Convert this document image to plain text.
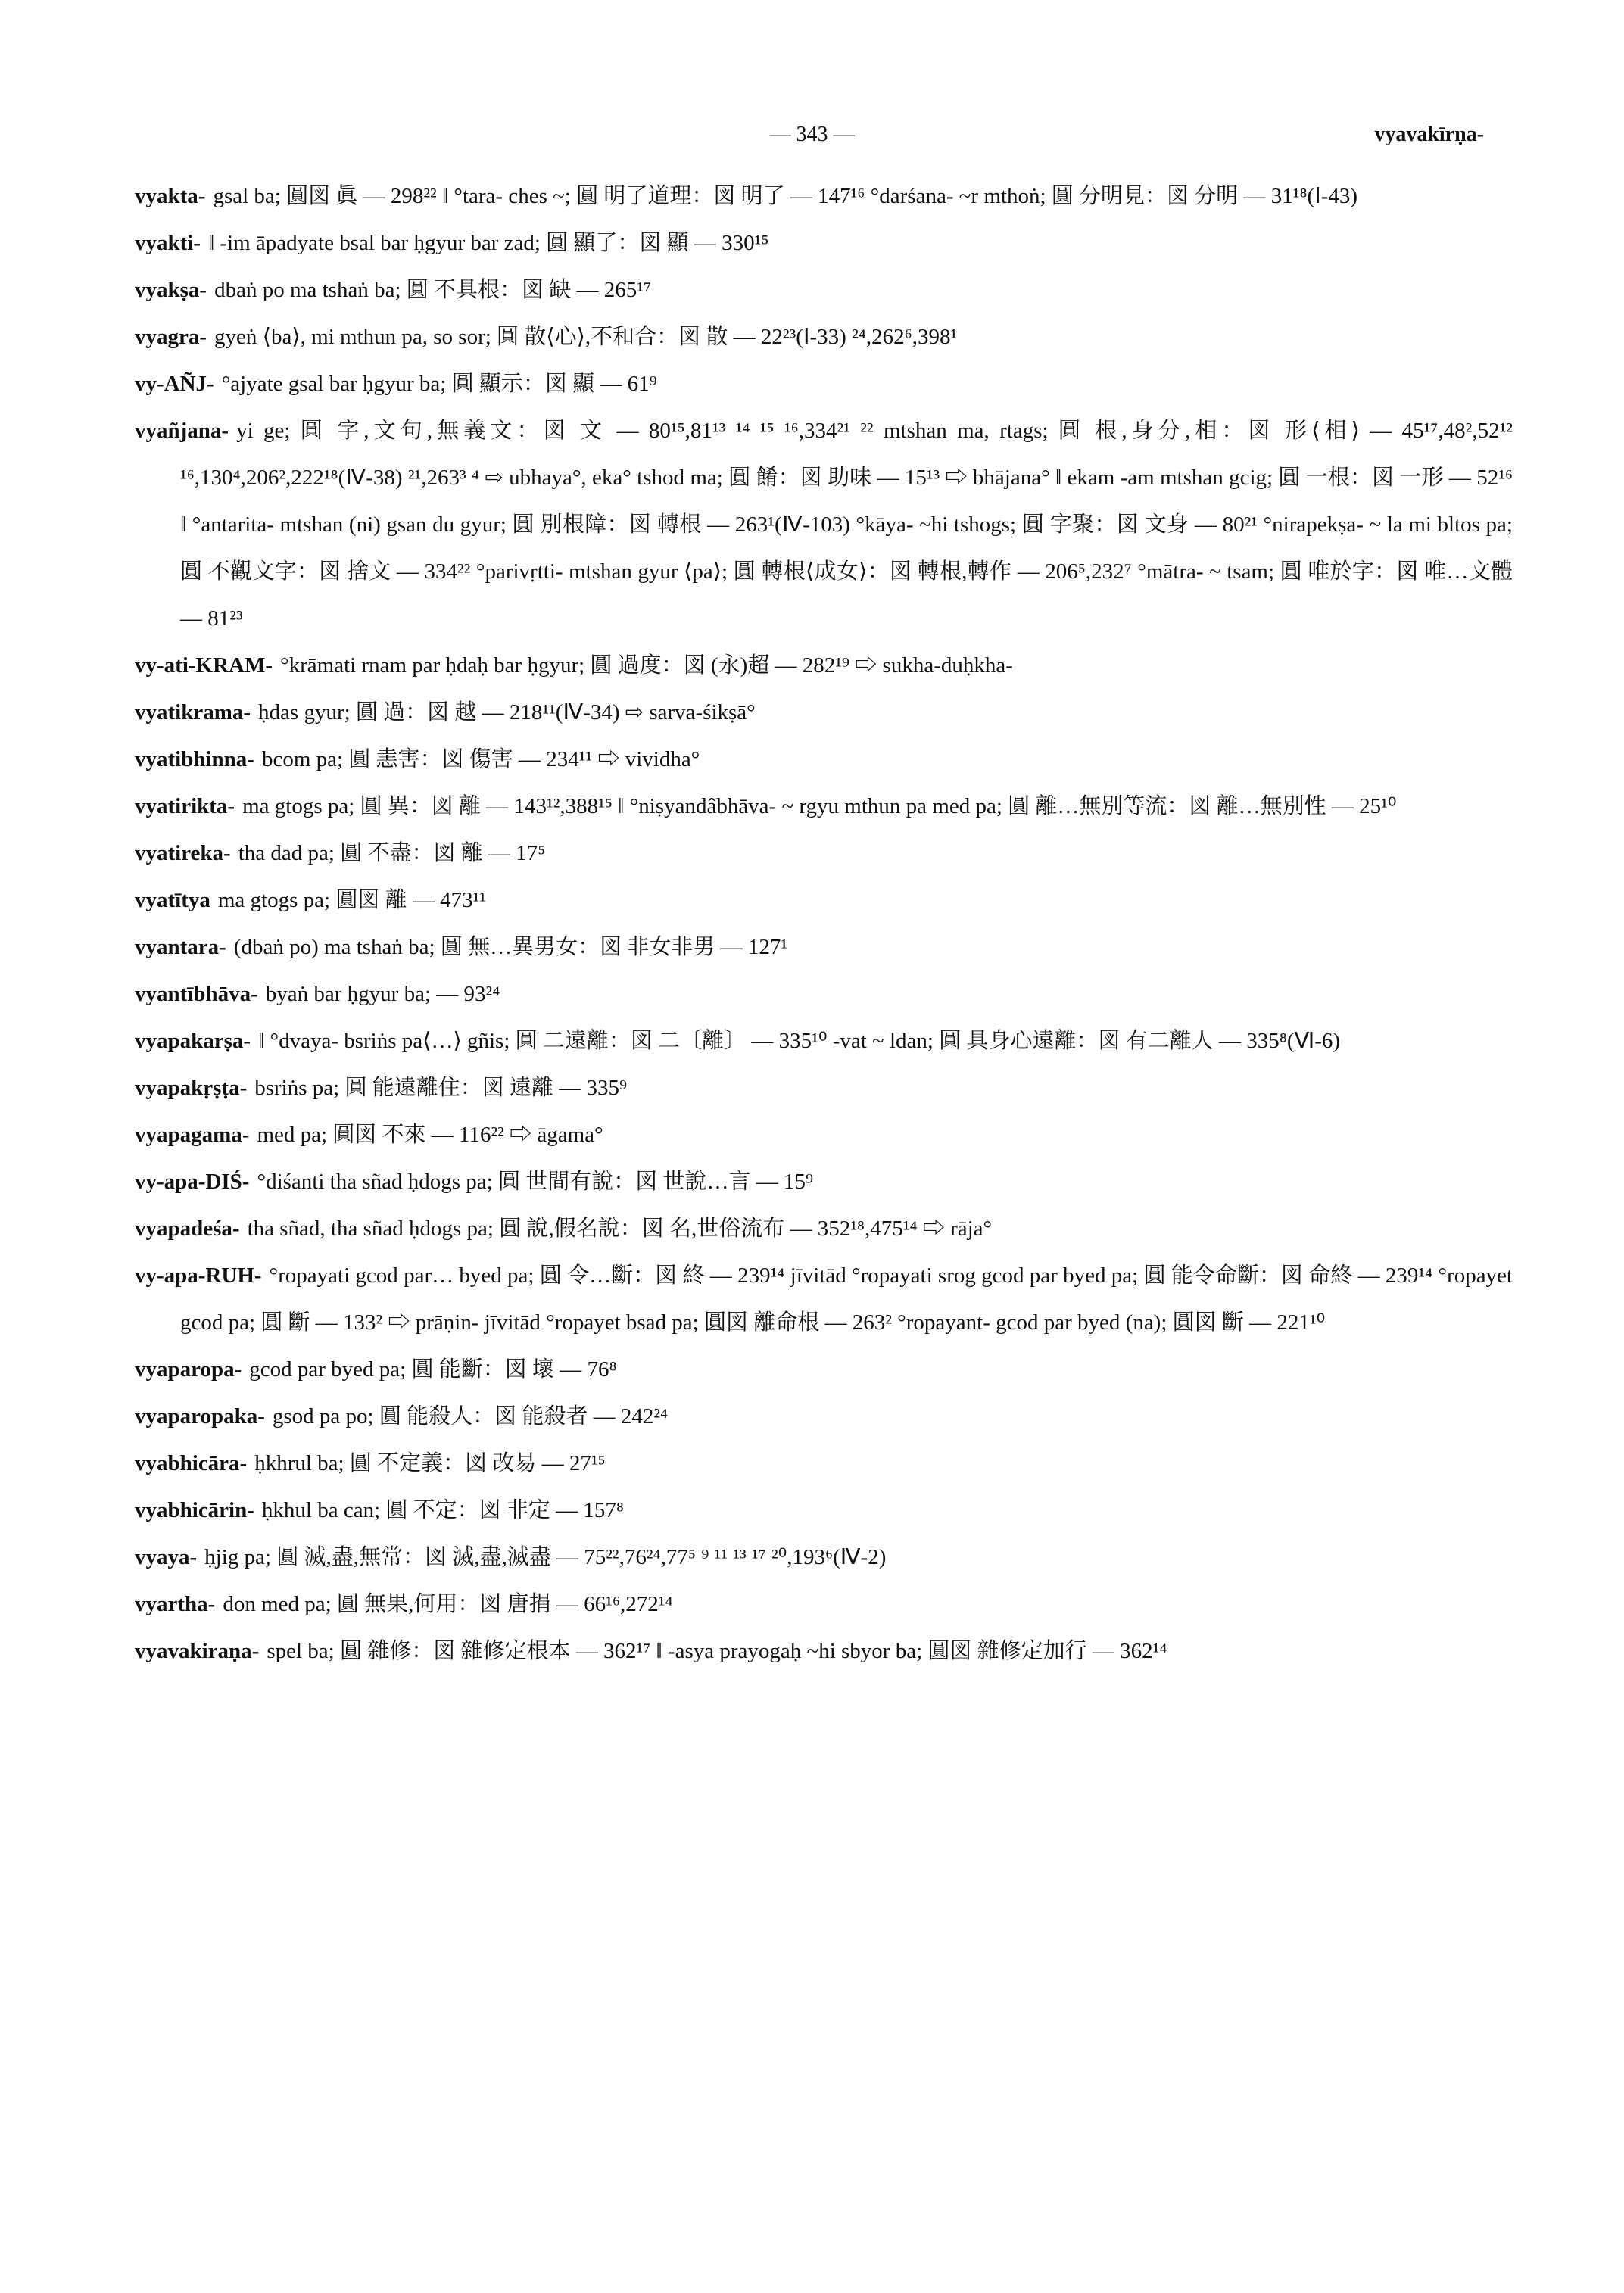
— 343 —	vyavakīrṇa-

vyakta- gsal ba; 圓図 眞 — 298²² ‖ °tara- ches ~; 圓 明了道理：図 明了 — 147¹⁶ °darśana- ~r mthoṅ; 圓 分明見：図 分明 — 31¹⁸(Ⅰ-43)

vyakti- ‖ -im āpadyate bsal bar ḥgyur bar zad; 圓 顯了：図 顯 — 330¹⁵

vyakṣa- dbaṅ po ma tshaṅ ba; 圓 不具根：図 缺 — 265¹⁷

vyagra- gyeṅ ⟨ba⟩, mi mthun pa, so sor; 圓 散⟨心⟩,不和合：図 散 — 22²³(Ⅰ-33) ²⁴,262⁶,398¹

vy-AÑJ- °ajyate gsal bar ḥgyur ba; 圓 顯示：図 顯 — 61⁹

vyañjana- yi ge; 圓 字,文句,無義文：図 文 — 80¹⁵,81¹³ ¹⁴ ¹⁵ ¹⁶,334²¹ ²² mtshan ma, rtags; 圓 根,身分,相：図 形⟨相⟩ — 45¹⁷,48²,52¹² ¹⁶,130⁴,206²,222¹⁸(Ⅳ-38) ²¹,263³ ⁴ ⇨ ubhaya°, eka° tshod ma; 圓 餚：図 助味 — 15¹³ ⇨ bhājana° ‖ ekam -am mtshan gcig; 圓 一根：図 一形 — 52¹⁶ ‖ °antarita- mtshan (ni) gsan du gyur; 圓 別根障：図 轉根 — 263¹(Ⅳ-103) °kāya- ~hi tshogs; 圓 字聚：図 文身 — 80²¹ °nirapekṣa- ~ la mi bltos pa; 圓 不觀文字：図 捨文 — 334²² °parivṛtti- mtshan gyur ⟨pa⟩; 圓 轉根⟨成女⟩：図 轉根,轉作 — 206⁵,232⁷ °mātra- ~ tsam; 圓 唯於字：図 唯…文體 — 81²³

vy-ati-KRAM- °krāmati rnam par ḥdaḥ bar ḥgyur; 圓 過度：図 (永)超 — 282¹⁹ ⇨ sukha-duḥkha-

vyatikrama- ḥdas gyur; 圓 過：図 越 — 218¹¹(Ⅳ-34) ⇨ sarva-śikṣā°

vyatibhinna- bcom pa; 圓 恚害：図 傷害 — 234¹¹ ⇨ vividha°

vyatirikta- ma gtogs pa; 圓 異：図 離 — 143¹²,388¹⁵ ‖ °niṣyandâbhāva- ~ rgyu mthun pa med pa; 圓 離…無別等流：図 離…無別性 — 25¹⁰

vyatireka- tha dad pa; 圓 不盡：図 離 — 17⁵

vyatītya ma gtogs pa; 圓図 離 — 473¹¹

vyantara- (dbaṅ po) ma tshaṅ ba; 圓 無…異男女：図 非女非男 — 127¹

vyantībhāva- byaṅ bar ḥgyur ba; — 93²⁴

vyapakarṣa- ‖ °dvaya- bsriṅs pa⟨…⟩ gñis; 圓 二遠離：図 二〔離〕 — 335¹⁰ -vat ~ ldan; 圓 具身心遠離：図 有二離人 — 335⁸(Ⅵ-6)

vyapakṛṣṭa- bsriṅs pa; 圓 能遠離住：図 遠離 — 335⁹

vyapagama- med pa; 圓図 不來 — 116²² ⇨ āgama°

vy-apa-DIŚ- °diśanti tha sñad ḥdogs pa; 圓 世間有說：図 世說…言 — 15⁹

vyapadeśa- tha sñad, tha sñad ḥdogs pa; 圓 說,假名說：図 名,世俗流布 — 352¹⁸,475¹⁴ ⇨ rāja°

vy-apa-RUH- °ropayati gcod par… byed pa; 圓 令…斷：図 終 — 239¹⁴ jīvitād °ropayati srog gcod par byed pa; 圓 能令命斷：図 命終 — 239¹⁴ °ropayet gcod pa; 圓 斷 — 133² ⇨ prāṇin- jīvitād °ropayet bsad pa; 圓図 離命根 — 263² °ropayant- gcod par byed (na); 圓図 斷 — 221¹⁰

vyaparopa- gcod par byed pa; 圓 能斷：図 壞 — 76⁸

vyaparopaka- gsod pa po; 圓 能殺人：図 能殺者 — 242²⁴

vyabhicāra- ḥkhrul ba; 圓 不定義：図 改易 — 27¹⁵

vyabhicārin- ḥkhul ba can; 圓 不定：図 非定 — 157⁸

vyaya- ḥjig pa; 圓 滅,盡,無常：図 滅,盡,滅盡 — 75²²,76²⁴,77⁵ ⁹ ¹¹ ¹³ ¹⁷ ²⁰,193⁶(Ⅳ-2)

vyartha- don med pa; 圓 無果,何用：図 唐捐 — 66¹⁶,272¹⁴

vyavakiraṇa- spel ba; 圓 雜修：図 雜修定根本 — 362¹⁷ ‖ -asya prayogaḥ ~hi sbyor ba; 圓図 雜修定加行 — 362¹⁴
